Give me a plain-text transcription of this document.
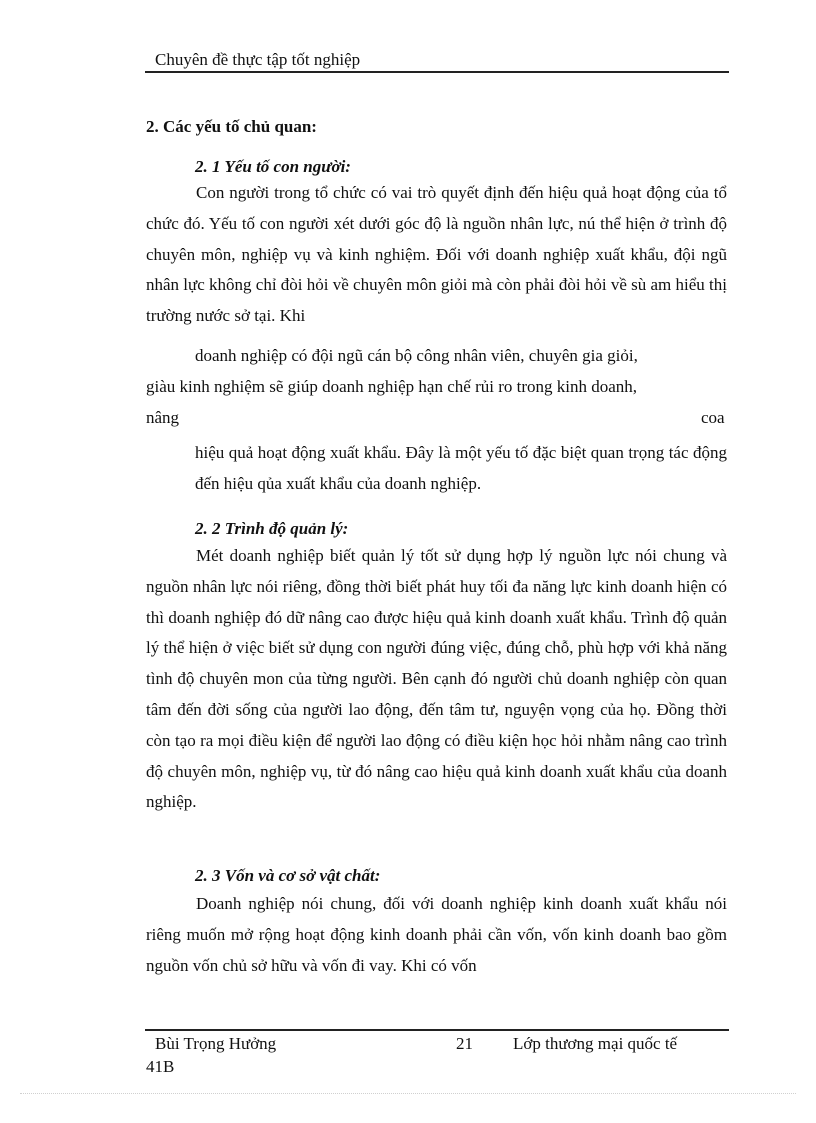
Chuyên đề thực tập tốt nghiệp
2. Các yếu tố chủ quan:
2. 1 Yếu tố con người:
Con người trong tổ chức có vai trò quyết định đến hiệu quả hoạt động của tổ chức đó. Yếu tố con người xét dưới góc độ là nguồn nhân lực, nú thể hiện ở trình độ chuyên môn, nghiệp vụ và kinh nghiệm. Đối với doanh nghiệp xuất khẩu, đội ngũ nhân lực không chỉ đòi hỏi về chuyên môn giỏi mà còn phải đòi hỏi về sù am hiểu thị trường nước sở tại. Khi
doanh nghiệp có đội ngũ cán bộ công nhân viên, chuyên gia giỏi,
giàu kinh nghiệm sẽ giúp doanh nghiệp hạn chế rủi ro trong kinh doanh,
nâng	coa
hiệu quả hoạt động xuất khẩu. Đây là một yếu tố đặc biệt quan trọng tác động đến hiệu qủa xuất khẩu của doanh nghiệp.
2. 2 Trình độ quản lý:
Mét doanh nghiệp biết quản lý tốt sử dụng hợp lý nguồn lực nói chung và nguồn nhân lực nói riêng, đồng thời biết phát huy tối đa năng lực kinh doanh hiện có thì doanh nghiệp đó dữ nâng cao được hiệu quả kinh doanh xuất khẩu. Trình độ quản lý thể hiện ở việc biết sử dụng con người đúng việc, đúng chỗ, phù hợp với khả năng tình độ chuyên mon của từng người. Bên cạnh đó người chủ doanh nghiệp còn quan tâm đến đời sống của người lao động, đến tâm tư, nguyện vọng của họ. Đồng thời còn tạo ra mọi điều kiện để người lao động có điều kiện học hỏi nhằm nâng cao trình độ chuyên môn, nghiệp vụ, từ đó nâng cao hiệu quả kinh doanh xuất khẩu của doanh nghiệp.
2. 3 Vốn và cơ sở vật chất:
Doanh nghiệp nói chung, đối với doanh nghiệp kinh doanh xuất khẩu nói riêng muốn mở rộng hoạt động kinh doanh phải cần vốn, vốn kinh doanh bao gồm nguồn vốn chủ sở hữu và vốn đi vay. Khi có vốn
Bùi Trọng Hưởng	21 Lớp thương mại quốc tế
41B
